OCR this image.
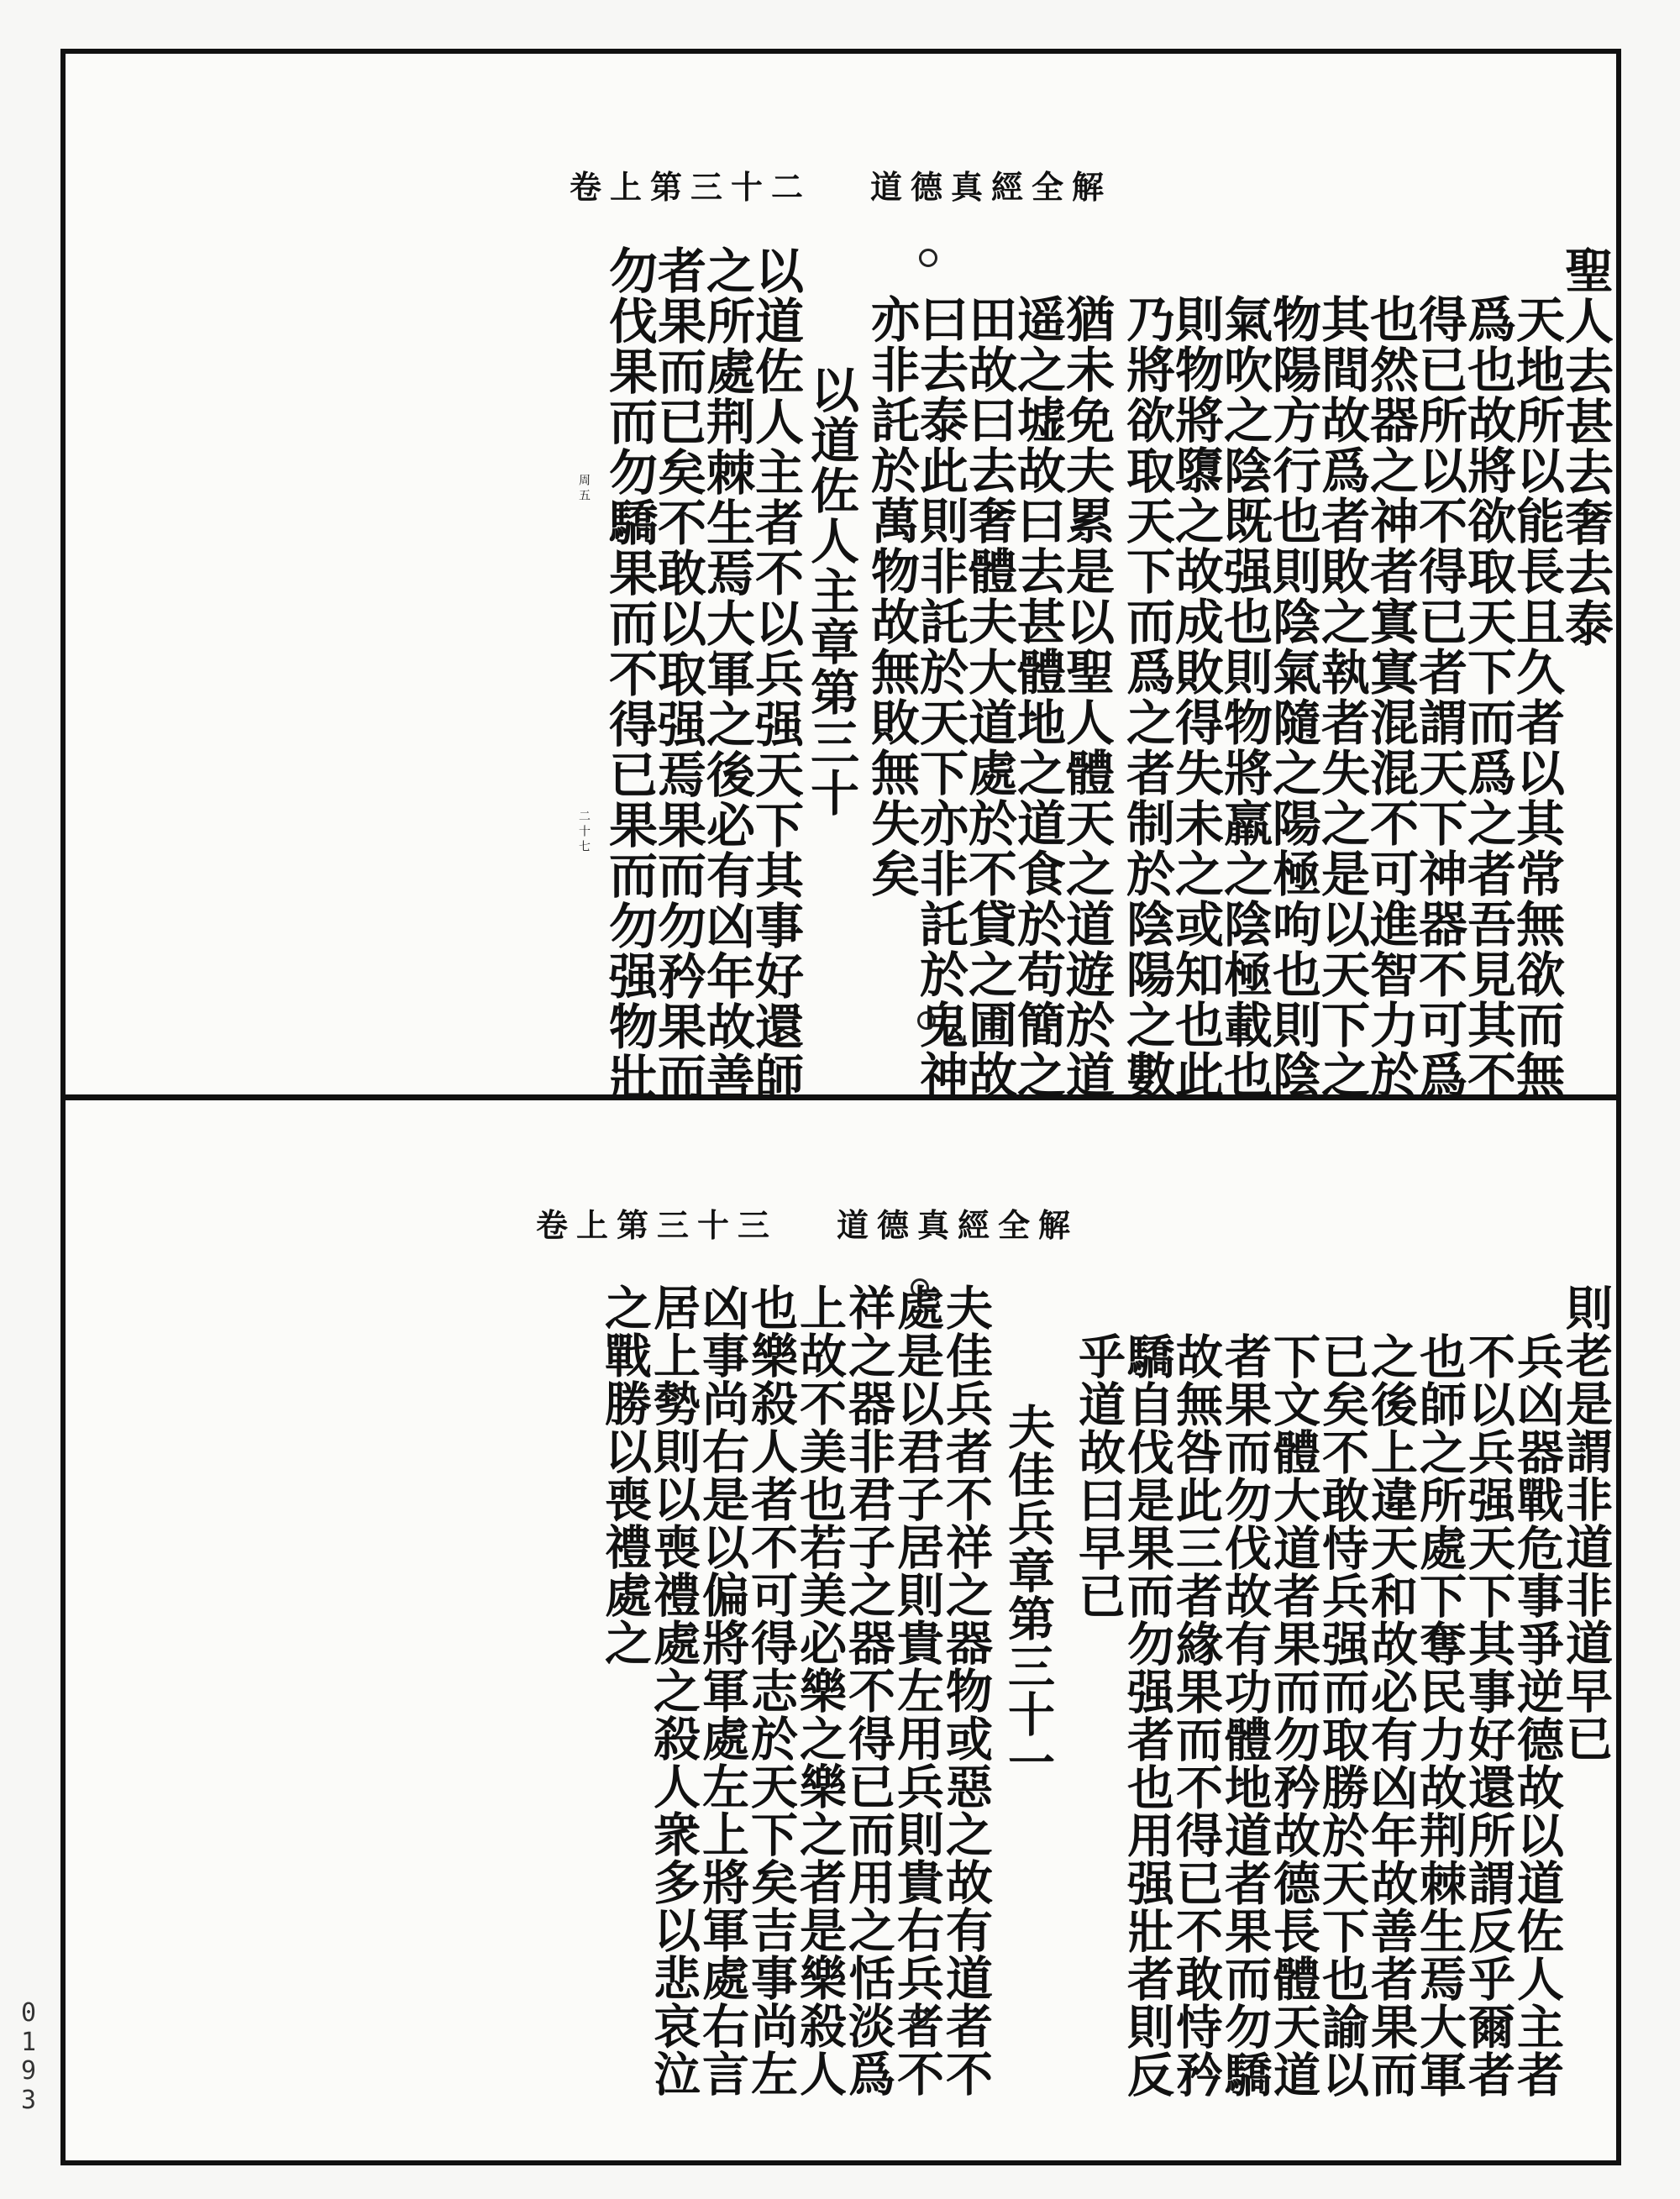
卷上第三十二 道德真經全解
聖人去甚去奢去泰
天地所以能長且久者以其常無欲而無
爲也故將欲取天下而爲之者吾見其不
得已所以不得已者謂天下神器不可爲
也然器之神者寘寘混混不可進智力於
其間故爲者敗之執者失之是以天下之
物陽方行也則陰氣隨之陽極呴也則陰
氣吹之陰既强也則物將羸之陰極載也
則物將隳之故成敗得失未之或知也此
乃將欲取天下而爲之者制於陰陽之數
猶未免夫累是以聖人體天之道遊於道
遥之墟故曰去甚體地之道食於苟簡之
田故曰去奢體夫大道處於不貸之圃故
曰去泰此則非託於天下亦非託於鬼神
亦非託於萬物故無敗無失矣
以道佐人主章第三十
以道佐人主者不以兵强天下其事好還師
之所處荆棘生焉大軍之後必有凶年故善
者果而已矣不敢以取强焉果而勿矜果而
勿伐果而勿驕果而不得已果而勿强物壯
周五
二十七
卷上第三十三 道德真經全解
則老是謂非道非道早已
兵凶器戰危事爭逆德故以道佐人主者
不以兵强天下其事好還所謂反乎爾者
也師之所處下奪民力故荆棘生焉大軍
之後上違天和故必有凶年故善者果而
已矣不敢恃兵强而取勝於天下也諭以
下文體大道者果而勿矜故德長體天道
者果而勿伐故有功體地道者果而勿驕
故無咎此三者緣果而不得已不敢恃矜
驕自伐是果而勿强者也用强壯者則反
乎道故曰早已
夫佳兵章第三十一
夫佳兵者不祥之器物或惡之故有道者不
處是以君子居則貴左用兵則貴右兵者不
祥之器非君子之器不得已而用之恬淡爲
上故不美也若美必樂之樂之者是樂殺人
也樂殺人者不可得志於天下矣吉事尚左
凶事尚右是以偏將軍處左上將軍處右言
居上勢則以喪禮處之殺人衆多以悲哀泣
之戰勝以喪禮處之
0193
